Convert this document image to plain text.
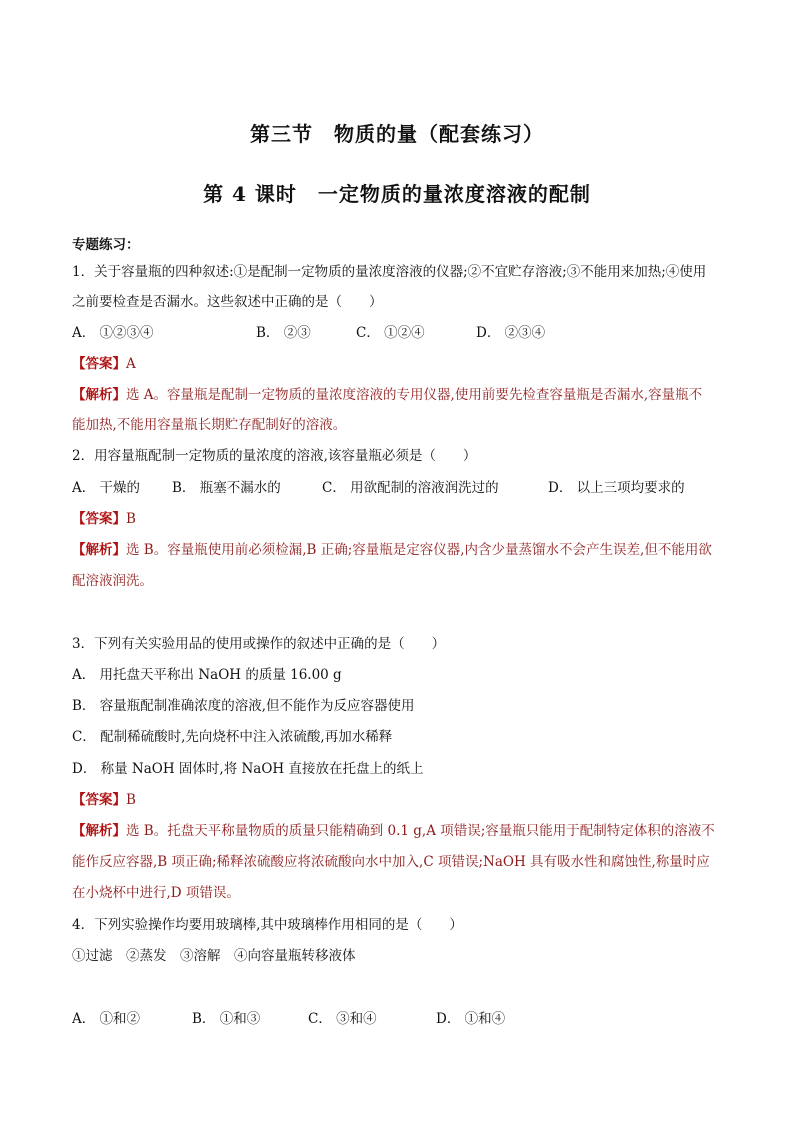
第三节　物质的量（配套练习）
第 4 课时　一定物质的量浓度溶液的配制
专题练习：
1．关于容量瓶的四种叙述:①是配制一定物质的量浓度溶液的仪器;②不宜贮存溶液;③不能用来加热;④使用
之前要检查是否漏水。这些叙述中正确的是（　　）
A． ①②③④	B． ②③	C． ①②④	D． ②③④
【答案】A
【解析】选 A。容量瓶是配制一定物质的量浓度溶液的专用仪器,使用前要先检查容量瓶是否漏水,容量瓶不
能加热,不能用容量瓶长期贮存配制好的溶液。
2．用容量瓶配制一定物质的量浓度的溶液,该容量瓶必须是（　　）
A． 干燥的 B． 瓶塞不漏水的	C． 用欲配制的溶液润洗过的	D． 以上三项均要求的
【答案】B
【解析】选 B。容量瓶使用前必须检漏,B 正确;容量瓶是定容仪器,内含少量蒸馏水不会产生误差,但不能用欲
配溶液润洗。
3．下列有关实验用品的使用或操作的叙述中正确的是（　　）
A． 用托盘天平称出 NaOH 的质量 16.00 g
B． 容量瓶配制准确浓度的溶液,但不能作为反应容器使用
C． 配制稀硫酸时,先向烧杯中注入浓硫酸,再加水稀释
D． 称量 NaOH 固体时,将 NaOH 直接放在托盘上的纸上
【答案】B
【解析】选 B。托盘天平称量物质的质量只能精确到 0.1 g,A 项错误;容量瓶只能用于配制特定体积的溶液不
能作反应容器,B 项正确;稀释浓硫酸应将浓硫酸向水中加入,C 项错误;NaOH 具有吸水性和腐蚀性,称量时应
在小烧杯中进行,D 项错误。
4．下列实验操作均要用玻璃棒,其中玻璃棒作用相同的是（　　）
①过滤　②蒸发　③溶解　④向容量瓶转移液体
A． ①和②	B． ①和③	C． ③和④	D． ①和④
